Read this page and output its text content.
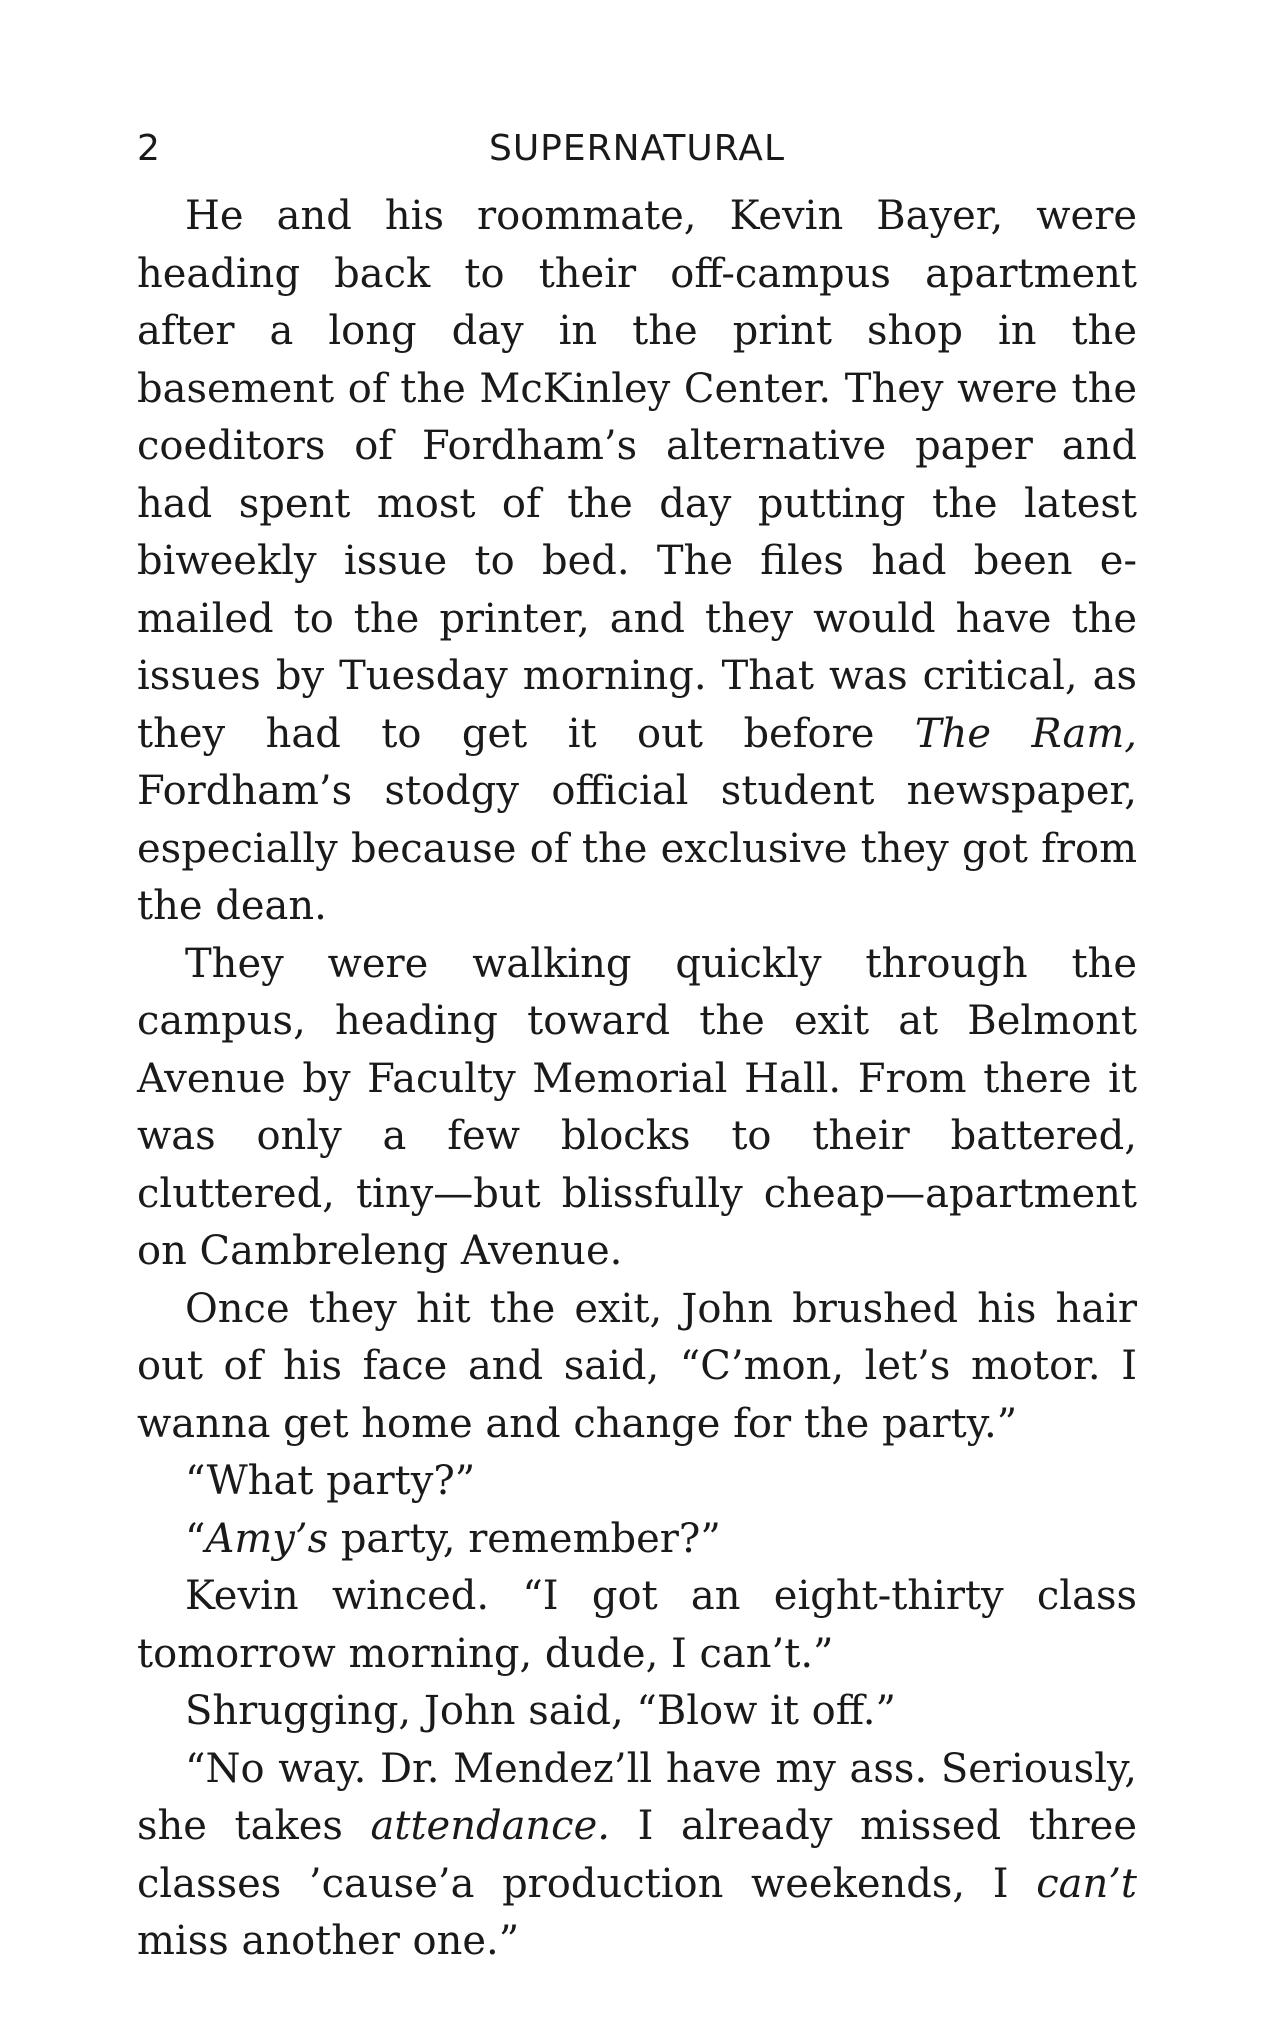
2	SUPERNATURAL

He and his roommate, Kevin Bayer, were heading back to their off-campus apartment after a long day in the print shop in the basement of the McKinley Center. They were the coeditors of Fordham’s alternative paper and had spent most of the day putting the latest biweekly issue to bed. The files had been e-mailed to the printer, and they would have the issues by Tuesday morning. That was critical, as they had to get it out before The Ram, Fordham’s stodgy official student newspaper, especially because of the exclusive they got from the dean.

They were walking quickly through the campus, heading toward the exit at Belmont Avenue by Faculty Memorial Hall. From there it was only a few blocks to their battered, cluttered, tiny—but blissfully cheap—apartment on Cambreleng Avenue.

Once they hit the exit, John brushed his hair out of his face and said, “C’mon, let’s motor. I wanna get home and change for the party.”

“What party?”

“Amy’s party, remember?”

Kevin winced. “I got an eight-thirty class tomorrow morning, dude, I can’t.”

Shrugging, John said, “Blow it off.”

“No way. Dr. Mendez’ll have my ass. Seriously, she takes attendance. I already missed three classes ’cause’a production weekends, I can’t miss another one.”
